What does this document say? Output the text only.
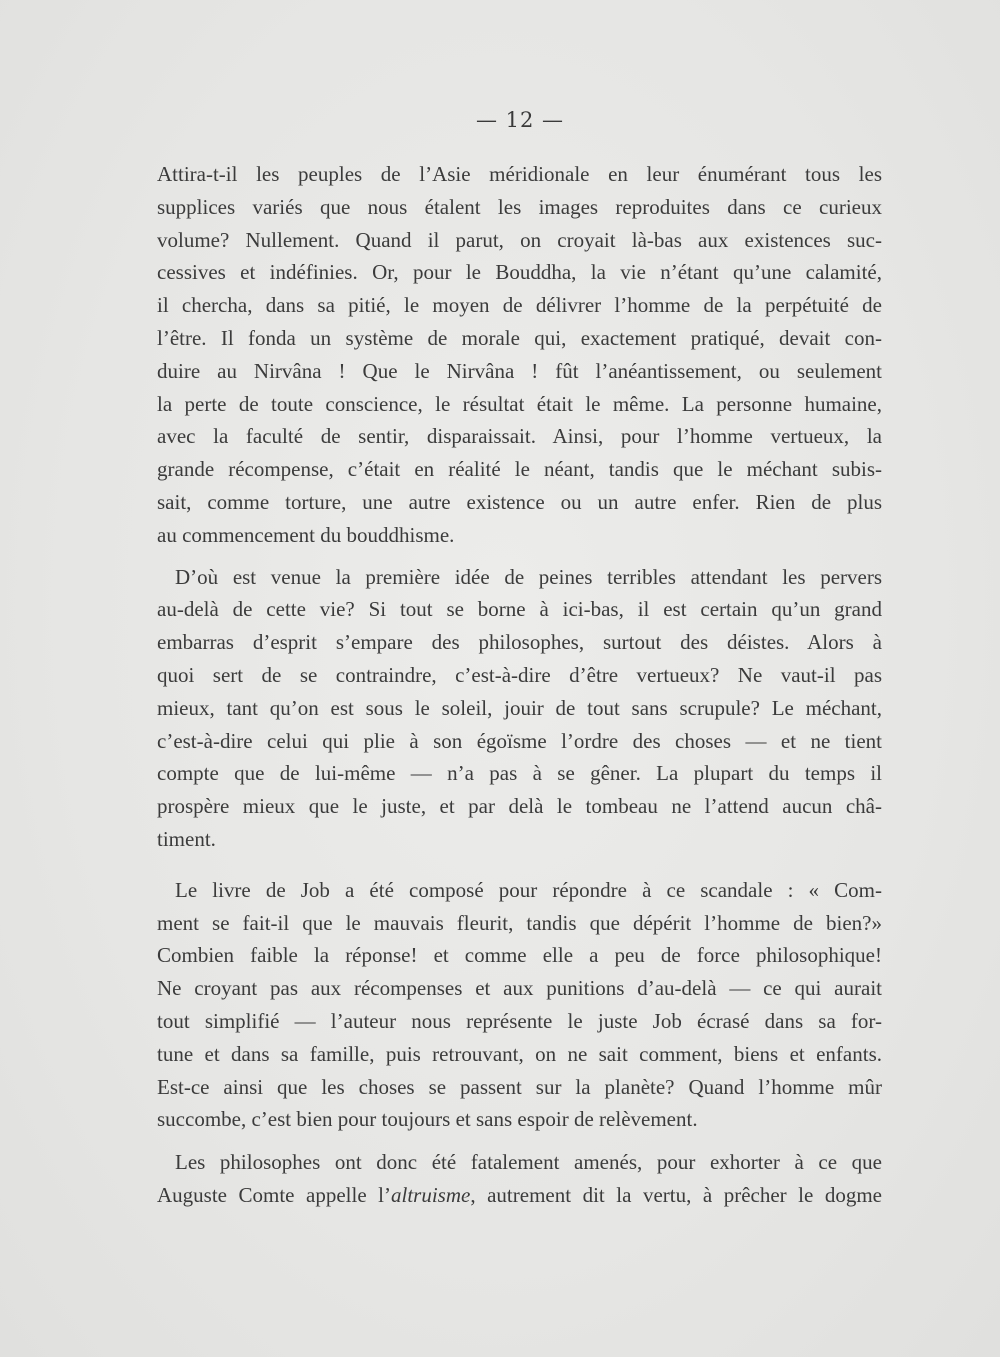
— 12 —
Attira-t-il les peuples de l’Asie méridionale en leur énumérant tous les
supplices variés que nous étalent les images reproduites dans ce curieux
volume? Nullement. Quand il parut, on croyait là-bas aux existences suc-
cessives et indéfinies. Or, pour le Bouddha, la vie n’étant qu’une calamité,
il chercha, dans sa pitié, le moyen de délivrer l’homme de la perpétuité de
l’être. Il fonda un système de morale qui, exactement pratiqué, devait con-
duire au Nirvâna ! Que le Nirvâna ! fût l’anéantissement, ou seulement
la perte de toute conscience, le résultat était le même. La personne humaine,
avec la faculté de sentir, disparaissait. Ainsi, pour l’homme vertueux, la
grande récompense, c’était en réalité le néant, tandis que le méchant subis-
sait, comme torture, une autre existence ou un autre enfer. Rien de plus
au commencement du bouddhisme.
D’où est venue la première idée de peines terribles attendant les pervers
au-delà de cette vie? Si tout se borne à ici-bas, il est certain qu’un grand
embarras d’esprit s’empare des philosophes, surtout des déistes. Alors à
quoi sert de se contraindre, c’est-à-dire d’être vertueux? Ne vaut-il pas
mieux, tant qu’on est sous le soleil, jouir de tout sans scrupule? Le méchant,
c’est-à-dire celui qui plie à son égoïsme l’ordre des choses — et ne tient
compte que de lui-même — n’a pas à se gêner. La plupart du temps il
prospère mieux que le juste, et par delà le tombeau ne l’attend aucun châ-
timent.
Le livre de Job a été composé pour répondre à ce scandale : « Com-
ment se fait-il que le mauvais fleurit, tandis que dépérit l’homme de bien?»
Combien faible la réponse! et comme elle a peu de force philosophique!
Ne croyant pas aux récompenses et aux punitions d’au-delà — ce qui aurait
tout simplifié — l’auteur nous représente le juste Job écrasé dans sa for-
tune et dans sa famille, puis retrouvant, on ne sait comment, biens et enfants.
Est-ce ainsi que les choses se passent sur la planète? Quand l’homme mûr
succombe, c’est bien pour toujours et sans espoir de relèvement.
Les philosophes ont donc été fatalement amenés, pour exhorter à ce que
Auguste Comte appelle l’altruisme, autrement dit la vertu, à prêcher le dogme
